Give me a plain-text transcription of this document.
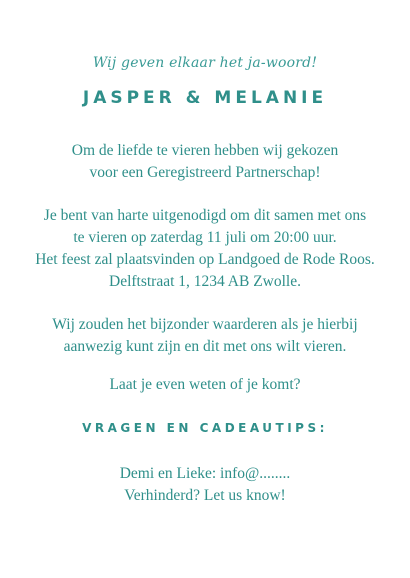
Wij geven elkaar het ja-woord!
JASPER & MELANIE
Om de liefde te vieren hebben wij gekozen
voor een Geregistreerd Partnerschap!
Je bent van harte uitgenodigd om dit samen met ons
te vieren op zaterdag 11 juli om 20:00 uur.
Het feest zal plaatsvinden op Landgoed de Rode Roos.
Delftstraat 1, 1234 AB Zwolle.
Wij zouden het bijzonder waarderen als je hierbij
aanwezig kunt zijn en dit met ons wilt vieren.
Laat je even weten of je komt?
VRAGEN EN CADEAUTIPS:
Demi en Lieke: info@........
Verhinderd? Let us know!
